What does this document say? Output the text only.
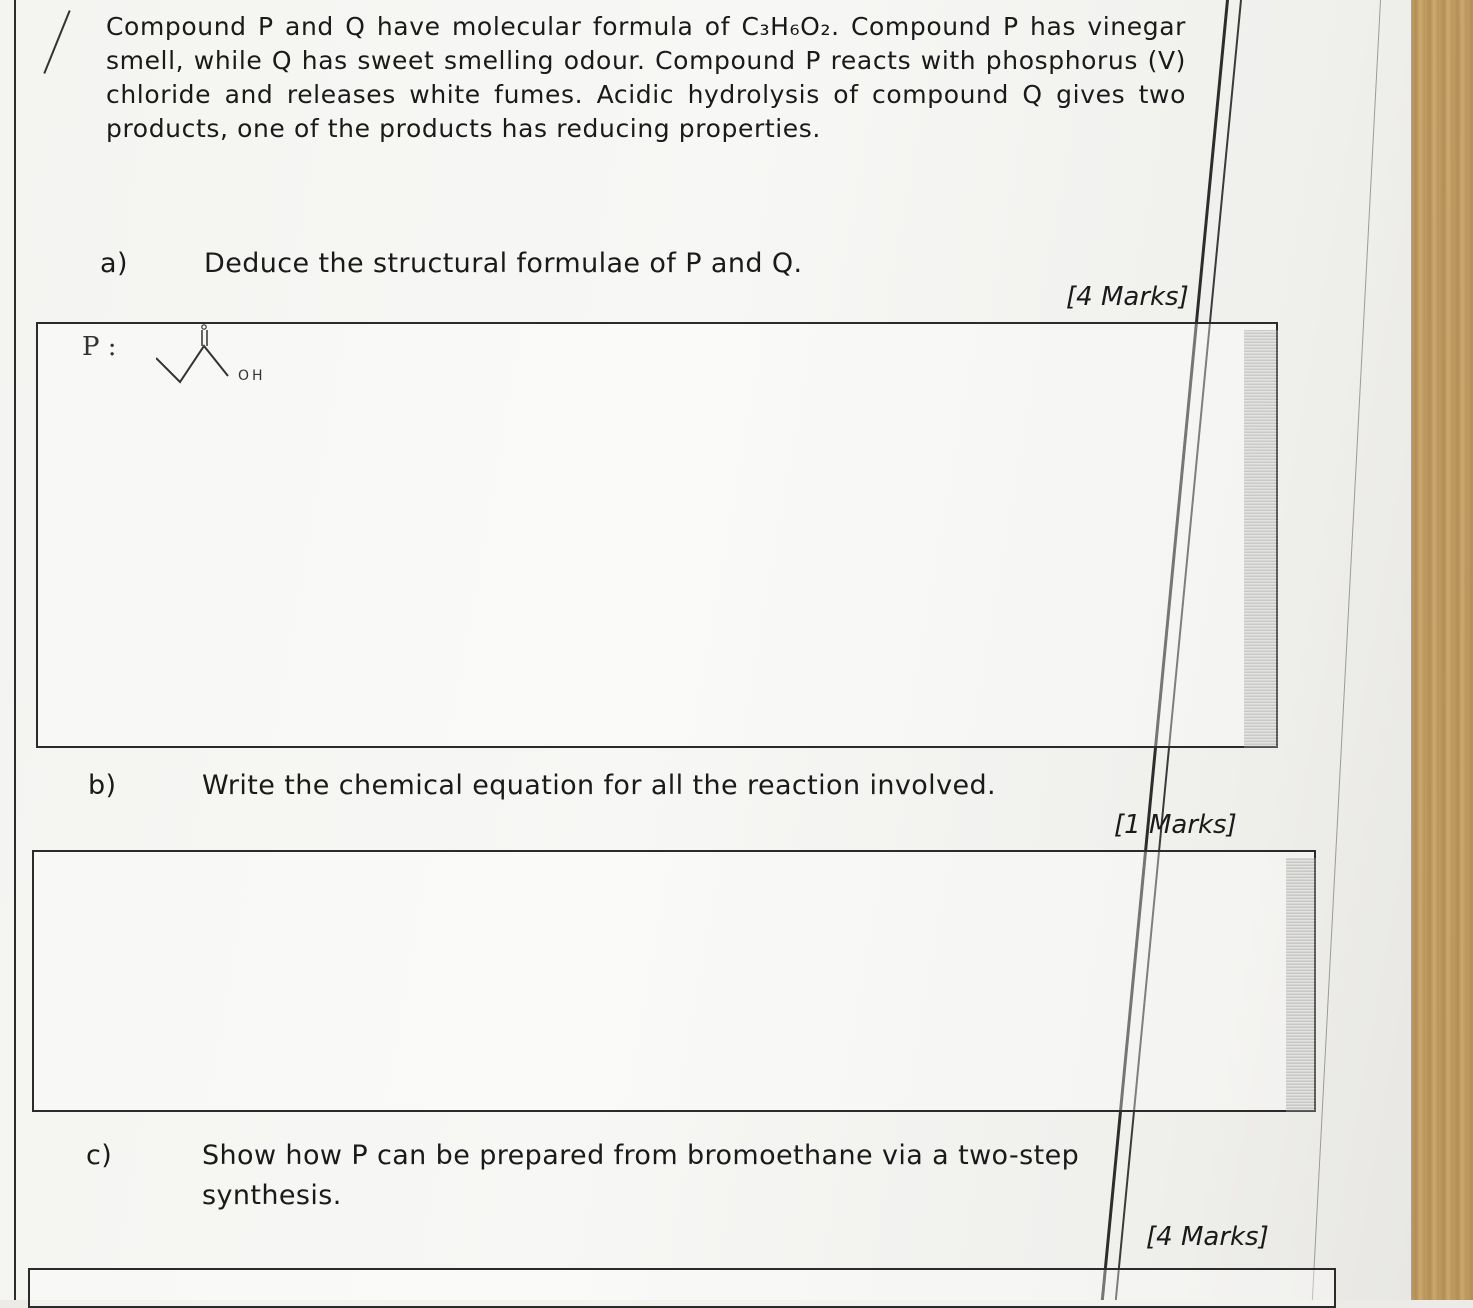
Compound P and Q have molecular formula of C₃H₆O₂. Compound P has vinegar smell, while Q has sweet smelling odour. Compound P reacts with phosphorus (V) chloride and releases white fumes. Acidic hydrolysis of compound Q gives two products, one of the products has reducing properties.

a)	Deduce the structural formulae of P and Q.
[4 Marks]
P :
OH
b)	Write the chemical equation for all the reaction involved.
[1 Marks]
c)	Show how P can be prepared from bromoethane via a two-step
synthesis.
[4 Marks]
